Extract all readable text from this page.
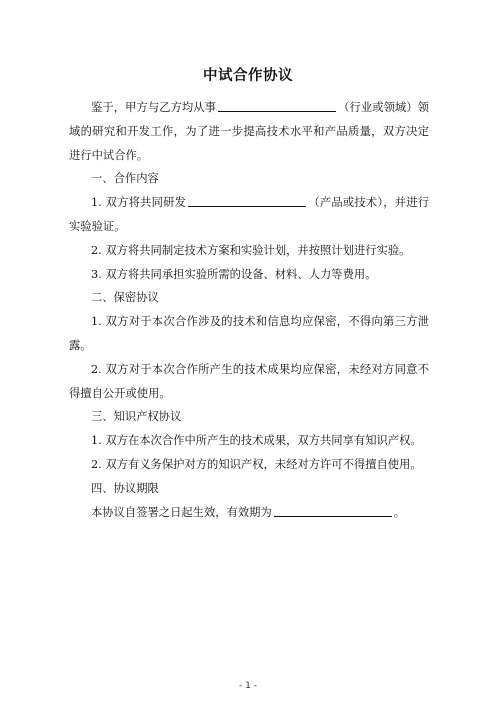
中试合作协议

鉴于，甲方与乙方均从事	（行业或领域）领域的研究和开发工作，为了进一步提高技术水平和产品质量，双方决定进行中试合作。

一、合作内容

1. 双方将共同研发	（产品或技术），并进行实验验证。

2. 双方将共同制定技术方案和实验计划，并按照计划进行实验。

3. 双方将共同承担实验所需的设备、材料、人力等费用。

二、保密协议

1. 双方对于本次合作涉及的技术和信息均应保密，不得向第三方泄露。

2. 双方对于本次合作所产生的技术成果均应保密，未经对方同意不得擅自公开或使用。

三、知识产权协议

1. 双方在本次合作中所产生的技术成果，双方共同享有知识产权。

2. 双方有义务保护对方的知识产权，未经对方许可不得擅自使用。

四、协议期限

本协议自签署之日起生效，有效期为	。

- 1 -
